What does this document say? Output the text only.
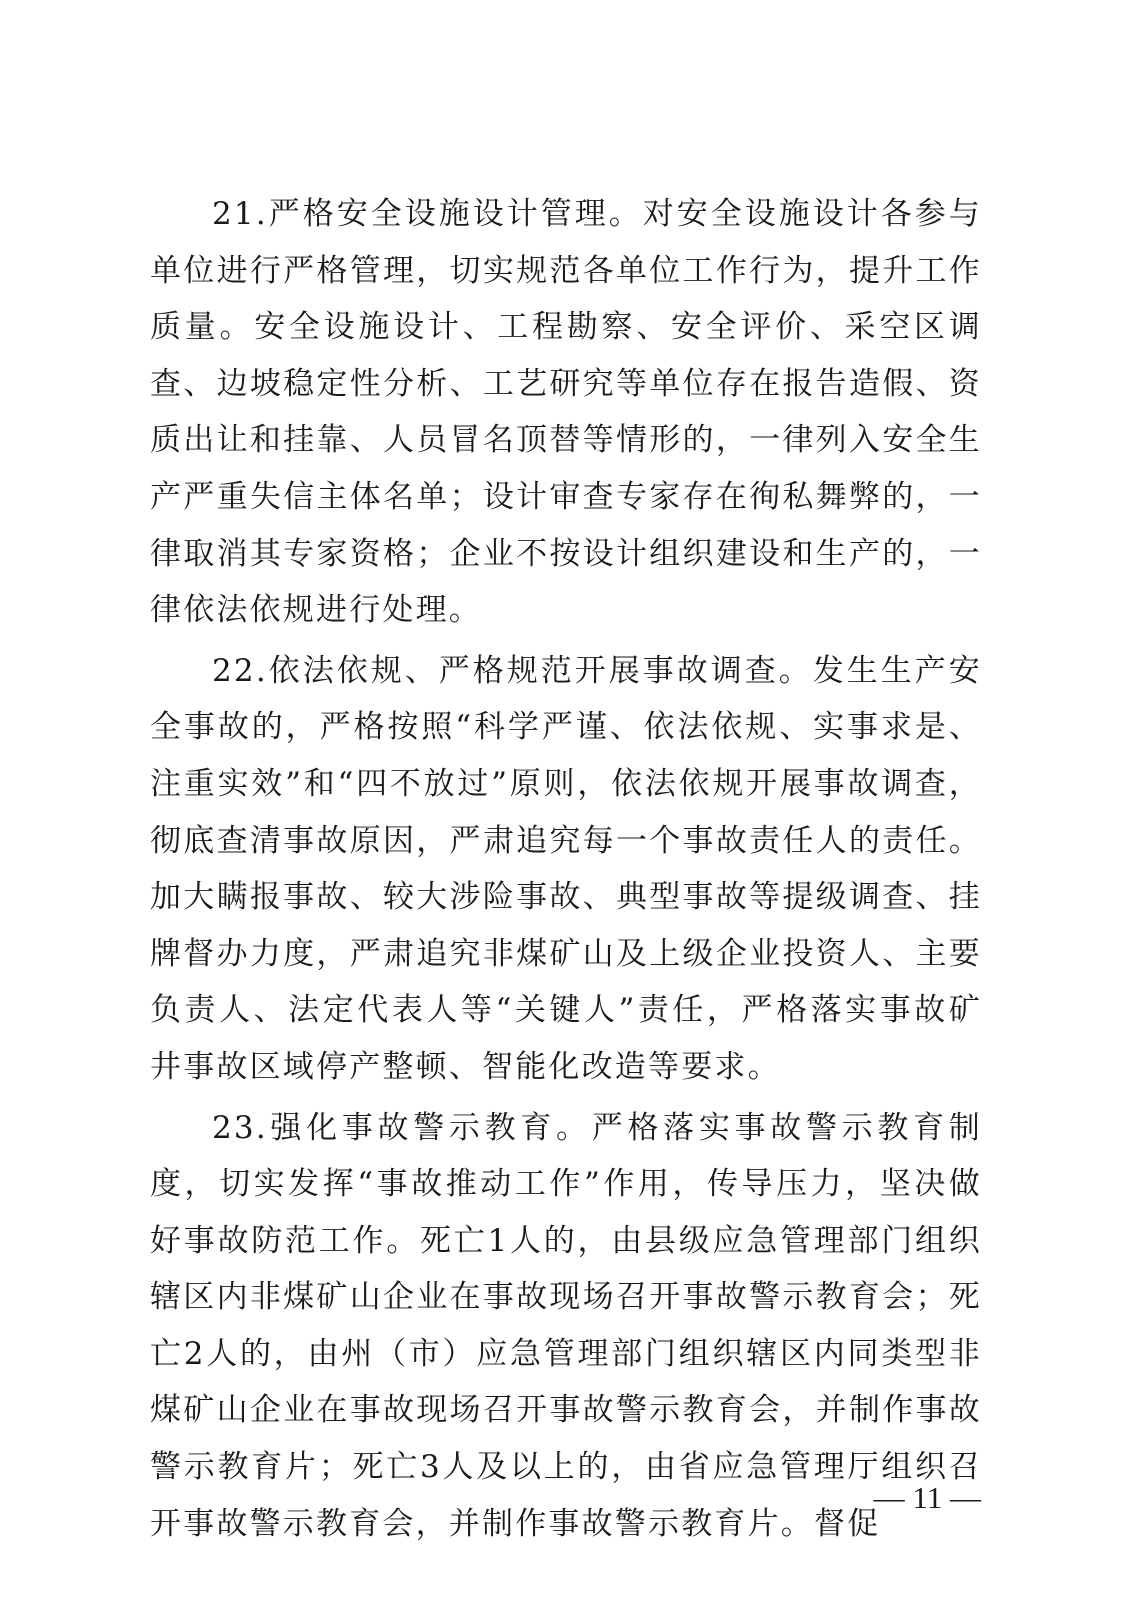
21.严格安全设施设计管理。对安全设施设计各参与单位进行严格管理，切实规范各单位工作行为，提升工作质量。安全设施设计、工程勘察、安全评价、采空区调查、边坡稳定性分析、工艺研究等单位存在报告造假、资质出让和挂靠、人员冒名顶替等情形的，一律列入安全生产严重失信主体名单；设计审查专家存在徇私舞弊的，一律取消其专家资格；企业不按设计组织建设和生产的，一律依法依规进行处理。

22.依法依规、严格规范开展事故调查。发生生产安全事故的，严格按照“科学严谨、依法依规、实事求是、注重实效”和“四不放过”原则，依法依规开展事故调查，彻底查清事故原因，严肃追究每一个事故责任人的责任。加大瞒报事故、较大涉险事故、典型事故等提级调查、挂牌督办力度，严肃追究非煤矿山及上级企业投资人、主要负责人、法定代表人等“关键人”责任，严格落实事故矿井事故区域停产整顿、智能化改造等要求。

23.强化事故警示教育。严格落实事故警示教育制度，切实发挥“事故推动工作”作用，传导压力，坚决做好事故防范工作。死亡1人的，由县级应急管理部门组织辖区内非煤矿山企业在事故现场召开事故警示教育会；死亡2人的，由州（市）应急管理部门组织辖区内同类型非煤矿山企业在事故现场召开事故警示教育会，并制作事故警示教育片；死亡3人及以上的，由省应急管理厅组织召开事故警示教育会，并制作事故警示教育片。督促

— 11 —
